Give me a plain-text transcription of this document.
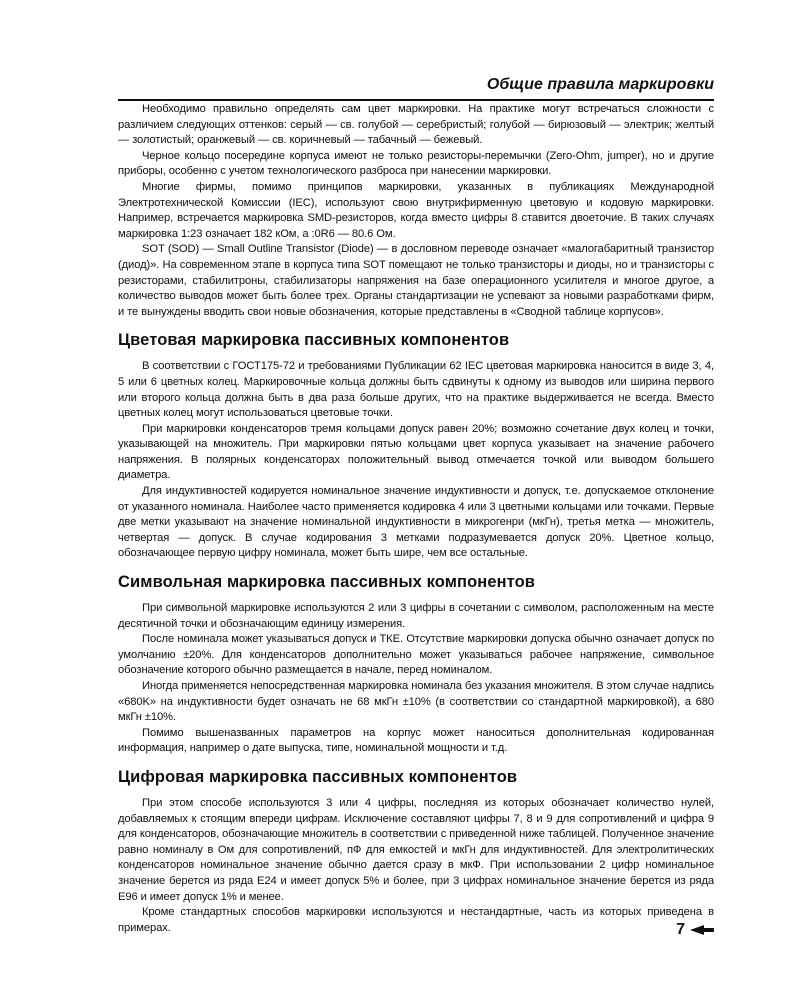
Общие правила маркировки

Необходимо правильно определять сам цвет маркировки. На практике могут встречаться сложности с различием следующих оттенков: серый — св. голубой — серебристый; голубой — бирюзовый — электрик; желтый — золотистый; оранжевый — св. коричневый — табачный — бежевый.

Черное кольцо посередине корпуса имеют не только резисторы-перемычки (Zero-Ohm, jumper), но и другие приборы, особенно с учетом технологического разброса при нанесении маркировки.

Многие фирмы, помимо принципов маркировки, указанных в публикациях Международной Электротехнической Комиссии (IEC), используют свою внутрифирменную цветовую и кодовую маркировки. Например, встречается маркировка SMD-резисторов, когда вместо цифры 8 ставится двоеточие. В таких случаях маркировка 1:23 означает 182 кОм, а :0R6 — 80.6 Ом.

SOT (SOD) — Small Outline Transistor (Diode) — в дословном переводе означает «малогабаритный транзистор (диод)». На современном этапе в корпуса типа SOT помещают не только транзисторы и диоды, но и транзисторы с резисторами, стабилитроны, стабилизаторы напряжения на базе операционного усилителя и многое другое, а количество выводов может быть более трех. Органы стандартизации не успевают за новыми разработками фирм, и те вынуждены вводить свои новые обозначения, которые представлены в «Сводной таблице корпусов».

Цветовая маркировка пассивных компонентов

В соответствии с ГОСТ175-72 и требованиями Публикации 62 IEC цветовая маркировка наносится в виде 3, 4, 5 или 6 цветных колец. Маркировочные кольца должны быть сдвинуты к одному из выводов или ширина первого или второго кольца должна быть в два раза больше других, что на практике выдерживается не всегда. Вместо цветных колец могут использоваться цветовые точки.

При маркировки конденсаторов тремя кольцами допуск равен 20%; возможно сочетание двух колец и точки, указывающей на множитель. При маркировки пятью кольцами цвет корпуса указывает на значение рабочего напряжения. В полярных конденсаторах положительный вывод отмечается точкой или выводом большего диаметра.

Для индуктивностей кодируется номинальное значение индуктивности и допуск, т.е. допускаемое отклонение от указанного номинала. Наиболее часто применяется кодировка 4 или 3 цветными кольцами или точками. Первые две метки указывают на значение номинальной индуктивности в микрогенри (мкГн), третья метка — множитель, четвертая — допуск. В случае кодирования 3 метками подразумевается допуск 20%. Цветное кольцо, обозначающее первую цифру номинала, может быть шире, чем все остальные.

Символьная маркировка пассивных компонентов

При символьной маркировке используются 2 или 3 цифры в сочетании с символом, расположенным на месте десятичной точки и обозначающим единицу измерения.

После номинала может указываться допуск и ТКЕ. Отсутствие маркировки допуска обычно означает допуск по умолчанию ±20%. Для конденсаторов дополнительно может указываться рабочее напряжение, символьное обозначение которого обычно размещается в начале, перед номиналом.

Иногда применяется непосредственная маркировка номинала без указания множителя. В этом случае надпись «680K» на индуктивности будет означать не 68 мкГн ±10% (в соответствии со стандартной маркировкой), а 680 мкГн ±10%.

Помимо вышеназванных параметров на корпус может наноситься дополнительная кодированная информация, например о дате выпуска, типе, номинальной мощности и т.д.

Цифровая маркировка пассивных компонентов

При этом способе используются 3 или 4 цифры, последняя из которых обозначает количество нулей, добавляемых к стоящим впереди цифрам. Исключение составляют цифры 7, 8 и 9 для сопротивлений и цифра 9 для конденсаторов, обозначающие множитель в соответствии с приведенной ниже таблицей. Полученное значение равно номиналу в Ом для сопротивлений, пФ для емкостей и мкГн для индуктивностей. Для электролитических конденсаторов номинальное значение обычно дается сразу в мкФ. При использовании 2 цифр номинальное значение берется из ряда E24 и имеет допуск 5% и более, при 3 цифрах номинальное значение берется из ряда E96 и имеет допуск 1% и менее.

Кроме стандартных способов маркировки используются и нестандартные, часть из которых приведена в примерах.	7
